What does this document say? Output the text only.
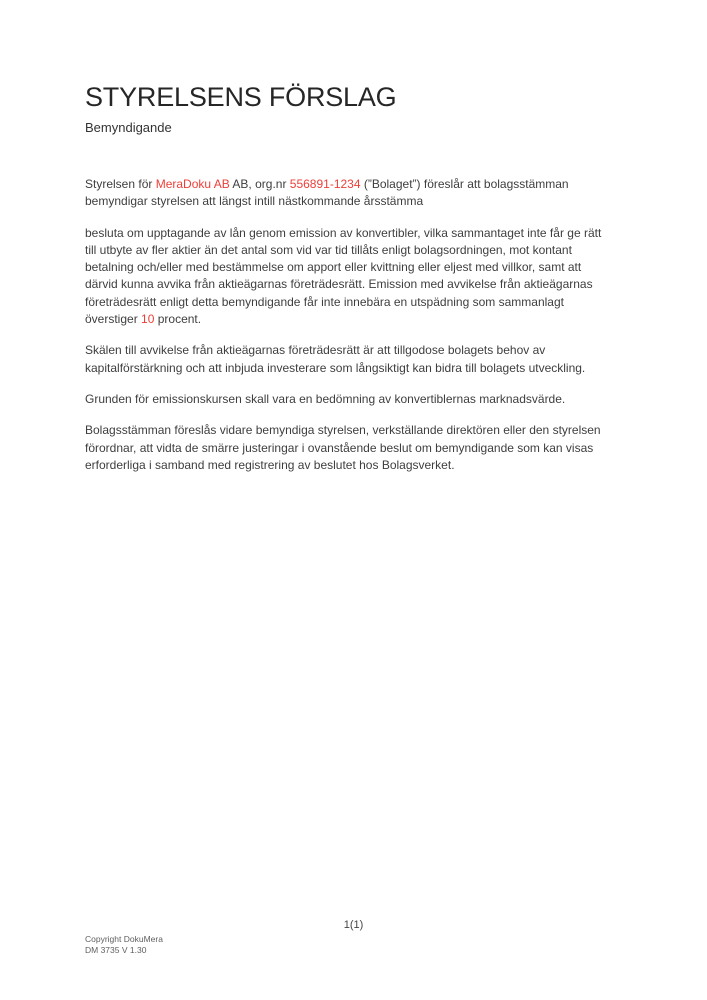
STYRELSENS FÖRSLAG
Bemyndigande

Styrelsen för MeraDoku AB AB, org.nr 556891-1234 (”Bolaget”) föreslår att bolagsstämman bemyndigar styrelsen att längst intill nästkommande årsstämma

besluta om upptagande av lån genom emission av konvertibler, vilka sammantaget inte får ge rätt till utbyte av fler aktier än det antal som vid var tid tillåts enligt bolagsordningen, mot kontant betalning och/eller med bestämmelse om apport eller kvittning eller eljest med villkor, samt att därvid kunna avvika från aktieägarnas företrädesrätt. Emission med avvikelse från aktieägarnas företrädesrätt enligt detta bemyndigande får inte innebära en utspädning som sammanlagt överstiger 10 procent.

Skälen till avvikelse från aktieägarnas företrädesrätt är att tillgodose bolagets behov av kapitalförstärkning och att inbjuda investerare som långsiktigt kan bidra till bolagets utveckling.

Grunden för emissionskursen skall vara en bedömning av konvertiblernas marknadsvärde.

Bolagsstämman föreslås vidare bemyndiga styrelsen, verkställande direktören eller den styrelsen förordnar, att vidta de smärre justeringar i ovanstående beslut om bemyndigande som kan visas erforderliga i samband med registrering av beslutet hos Bolagsverket.

1(1)
Copyright DokuMera
DM 3735 V 1.30
